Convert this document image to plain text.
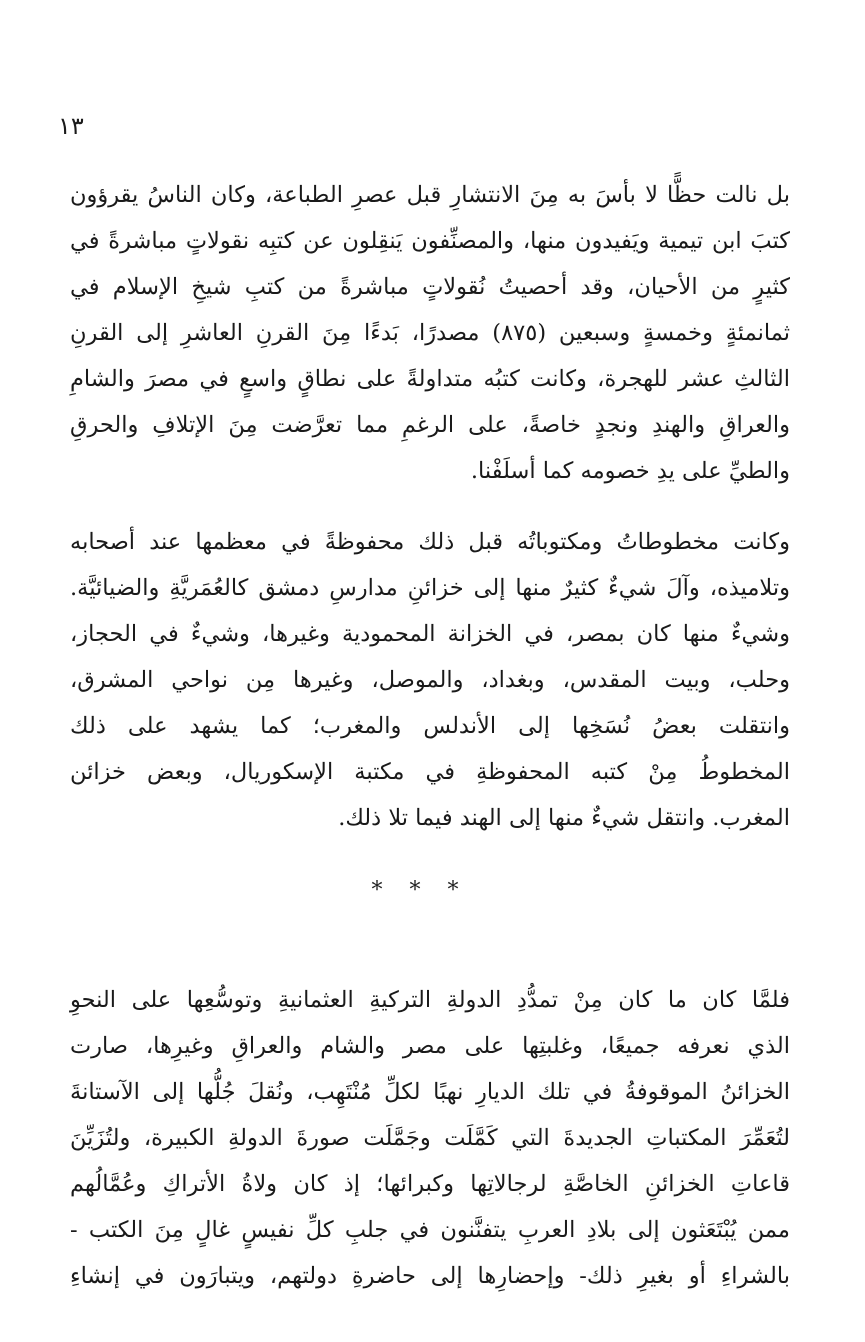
١٣
بل نالت حظًّا لا بأسَ به مِنَ الانتشارِ قبل عصرِ الطباعة، وكان الناسُ يقرؤون
كتبَ ابن تيمية ويَفيدون منها، والمصنِّفون يَنقِلون عن كتبِه نقولاتٍ مباشرةً في
كثيرٍ من الأحيان، وقد أحصيتُ نُقولاتٍ مباشرةً من كتبِ شيخِ الإسلام في
ثمانمئةٍ وخمسةٍ وسبعين (٨٧٥) مصدرًا، بَدءًا مِنَ القرنِ العاشرِ إلى القرنِ
الثالثِ عشر للهجرة، وكانت كتبُه متداولةً على نطاقٍ واسعٍ في مصرَ والشامِ
والعراقِ والهندِ ونجدٍ خاصةً، على الرغمِ مما تعرَّضت مِنَ الإتلافِ والحرقِ
والطيِّ على يدِ خصومه كما أسلَفْنا.
وكانت مخطوطاتُ ومكتوباتُه قبل ذلك محفوظةً في معظمها عند أصحابه
وتلاميذه، وآلَ شيءٌ كثيرٌ منها إلى خزائنِ مدارسِ دمشق كالعُمَريَّةِ والضيائيَّة.
وشيءٌ منها كان بمصر، في الخزانة المحمودية وغيرها، وشيءٌ في الحجاز،
وحلب، وبيت المقدس، وبغداد، والموصل، وغيرها مِن نواحي المشرق،
وانتقلت بعضُ نُسَخِها إلى الأندلس والمغرب؛ كما يشهد على ذلك
المخطوطُ مِنْ كتبه المحفوظةِ في مكتبة الإسكوريال، وبعض خزائن
المغرب. وانتقل شيءٌ منها إلى الهند فيما تلا ذلك.
* * *
فلمَّا كان ما كان مِنْ تمدُّدِ الدولةِ التركيةِ العثمانيةِ وتوسُّعِها على النحوِ
الذي نعرفه جميعًا، وغلبتِها على مصر والشام والعراقِ وغيرِها، صارت
الخزائنُ الموقوفةُ في تلك الديارِ نهبًا لكلِّ مُنْتَهِب، ونُقلَ جُلُّها إلى الآستانةَ
لتُعَمِّرَ المكتباتِ الجديدةَ التي كَمَّلَت وجَمَّلَت صورةَ الدولةِ الكبيرة، ولتُزَيِّنَ
قاعاتِ الخزائنِ الخاصَّةِ لرجالاتِها وكبرائها؛ إذ كان ولاةُ الأتراكِ وعُمَّالُهم
ممن يُبْتَعَثون إلى بلادِ العربِ يتفنَّنون في جلبِ كلِّ نفيسٍ غالٍ مِنَ الكتب -
بالشراءِ أو بغيرِ ذلك- وإحضارِها إلى حاضرةِ دولتهم، ويتبارَون في إنشاءِ
